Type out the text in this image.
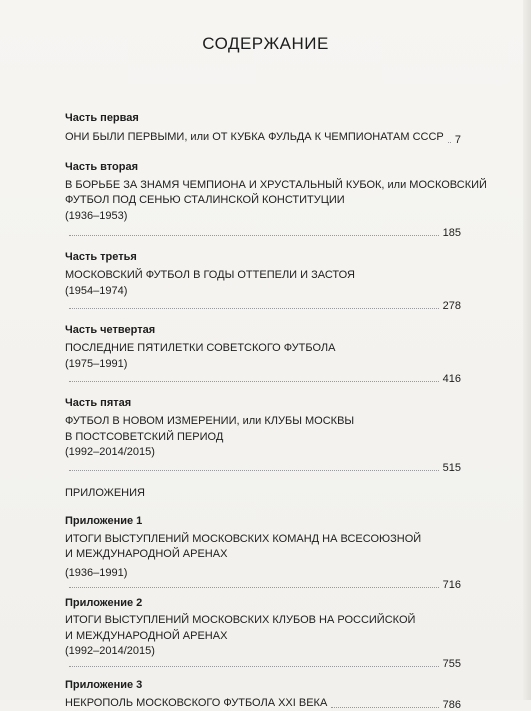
СОДЕРЖАНИЕ
Часть первая
ОНИ БЫЛИ ПЕРВЫМИ, или ОТ КУБКА ФУЛЬДА К ЧЕМПИОНАТАМ СССР 7
Часть вторая
В БОРЬБЕ ЗА ЗНАМЯ ЧЕМПИОНА И ХРУСТАЛЬНЫЙ КУБОК, или МОСКОВСКИЙ
ФУТБОЛ ПОД СЕНЬЮ СТАЛИНСКОЙ КОНСТИТУЦИИ
(1936–1953)
185
Часть третья
МОСКОВСКИЙ ФУТБОЛ В ГОДЫ ОТТЕПЕЛИ И ЗАСТОЯ
(1954–1974)
278
Часть четвертая
ПОСЛЕДНИЕ ПЯТИЛЕТКИ СОВЕТСКОГО ФУТБОЛА
(1975–1991)
416
Часть пятая
ФУТБОЛ В НОВОМ ИЗМЕРЕНИИ, или КЛУБЫ МОСКВЫ
В ПОСТСОВЕТСКИЙ ПЕРИОД
(1992–2014/2015)
515
ПРИЛОЖЕНИЯ
Приложение 1
ИТОГИ ВЫСТУПЛЕНИЙ МОСКОВСКИХ КОМАНД НА ВСЕСОЮЗНОЙ
И МЕЖДУНАРОДНОЙ АРЕНАХ
(1936–1991)
716
Приложение 2
ИТОГИ ВЫСТУПЛЕНИЙ МОСКОВСКИХ КЛУБОВ НА РОССИЙСКОЙ
И МЕЖДУНАРОДНОЙ АРЕНАХ
(1992–2014/2015)
755
Приложение 3
НЕКРОПОЛЬ МОСКОВСКОГО ФУТБОЛА XXI ВЕКА	786
